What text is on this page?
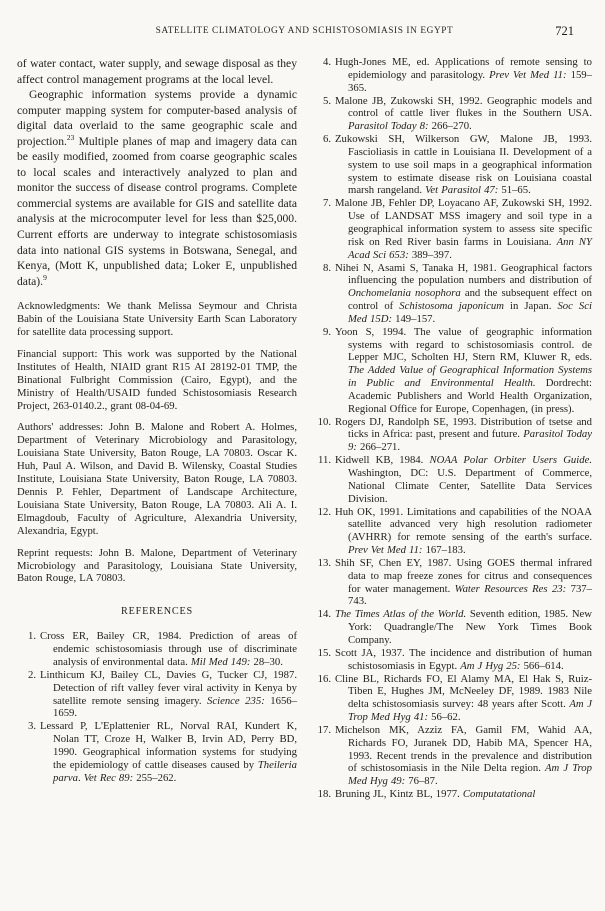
SATELLITE CLIMATOLOGY AND SCHISTOSOMIASIS IN EGYPT	721

of water contact, water supply, and sewage disposal as they affect control management programs at the local level.

Geographic information systems provide a dynamic computer mapping system for computer-based analysis of digital data overlaid to the same geographic scale and projection.$^{23}$ Multiple planes of map and imagery data can be easily modified, zoomed from coarse geographic scales to local scales and interactively analyzed to plan and monitor the success of disease control programs. Complete commercial systems are available for GIS and satellite data analysis at the microcomputer level for less than $25,000. Current efforts are underway to integrate schistosomiasis data into national GIS systems in Botswana, Senegal, and Kenya, (Mott K, unpublished data; Loker E, unpublished data).$^9$

Acknowledgments: We thank Melissa Seymour and Christa Babin of the Louisiana State University Earth Scan Laboratory for satellite data processing support.

Financial support: This work was supported by the National Institutes of Health, NIAID grant R15 AI 28192-01 TMP, the Binational Fulbright Commission (Cairo, Egypt), and the Ministry of Health/USAID funded Schistosomiasis Research Project, 263-0140.2., grant 08-04-69.

Authors' addresses: John B. Malone and Robert A. Holmes, Department of Veterinary Microbiology and Parasitology, Louisiana State University, Baton Rouge, LA 70803. Oscar K. Huh, Paul A. Wilson, and David B. Wilensky, Coastal Studies Institute, Louisiana State University, Baton Rouge, LA 70803. Dennis P. Fehler, Department of Landscape Architecture, Louisiana State University, Baton Rouge, LA 70803. Ali A. I. Elmagdoub, Faculty of Agriculture, Alexandria University, Alexandria, Egypt.

Reprint requests: John B. Malone, Department of Veterinary Microbiology and Parasitology, Louisiana State University, Baton Rouge, LA 70803.

REFERENCES
1. Cross ER, Bailey CR, 1984. Prediction of areas of endemic schistosomiasis through use of discriminate analysis of environmental data. Mil Med 149: 28–30.
2. Linthicum KJ, Bailey CL, Davies G, Tucker CJ, 1987. Detection of rift valley fever viral activity in Kenya by satellite remote sensing imagery. Science 235: 1656–1659.
3. Lessard P, L'Eplattenier RL, Norval RAI, Kundert K, Nolan TT, Croze H, Walker B, Irvin AD, Perry BD, 1990. Geographical information systems for studying the epidemiology of cattle diseases caused by Theileria parva. Vet Rec 89: 255–262.
4. Hugh-Jones ME, ed. Applications of remote sensing to epidemiology and parasitology. Prev Vet Med 11: 159–365.
5. Malone JB, Zukowski SH, 1992. Geographic models and control of cattle liver flukes in the Southern USA. Parasitol Today 8: 266–270.
6. Zukowski SH, Wilkerson GW, Malone JB, 1993. Fascioliasis in cattle in Louisiana II. Development of a system to use soil maps in a geographical information system to estimate disease risk on Louisiana coastal marsh rangeland. Vet Parasitol 47: 51–65.
7. Malone JB, Fehler DP, Loyacano AF, Zukowski SH, 1992. Use of LANDSAT MSS imagery and soil type in a geographical information system to assess site specific risk on Red River basin farms in Louisiana. Ann NY Acad Sci 653: 389–397.
8. Nihei N, Asami S, Tanaka H, 1981. Geographical factors influencing the population numbers and distribution of Onchomelania nosophora and the subsequent effect on control of Schistosoma japonicum in Japan. Soc Sci Med 15D: 149–157.
9. Yoon S, 1994. The value of geographic information systems with regard to schistosomiasis control. de Lepper MJC, Scholten HJ, Stern RM, Kluwer R, eds. The Added Value of Geographical Information Systems in Public and Environmental Health. Dordrecht: Academic Publishers and World Health Organization, Regional Office for Europe, Copenhagen, (in press).
10. Rogers DJ, Randolph SE, 1993. Distribution of tsetse and ticks in Africa: past, present and future. Parasitol Today 9: 266–271.
11. Kidwell KB, 1984. NOAA Polar Orbiter Users Guide. Washington, DC: U.S. Department of Commerce, National Climate Center, Satellite Data Services Division.
12. Huh OK, 1991. Limitations and capabilities of the NOAA satellite advanced very high resolution radiometer (AVHRR) for remote sensing of the earth's surface. Prev Vet Med 11: 167–183.
13. Shih SF, Chen EY, 1987. Using GOES thermal infrared data to map freeze zones for citrus and consequences for water management. Water Resources Res 23: 737–743.
14. The Times Atlas of the World. Seventh edition, 1985. New York: Quadrangle/The New York Times Book Company.
15. Scott JA, 1937. The incidence and distribution of human schistosomiasis in Egypt. Am J Hyg 25: 566–614.
16. Cline BL, Richards FO, El Alamy MA, El Hak S, Ruiz-Tiben E, Hughes JM, McNeeley DF, 1989. 1983 Nile delta schistosomiasis survey: 48 years after Scott. Am J Trop Med Hyg 41: 56–62.
17. Michelson MK, Azziz FA, Gamil FM, Wahid AA, Richards FO, Juranek DD, Habib MA, Spencer HA, 1993. Recent trends in the prevalence and distribution of schistosomiasis in the Nile Delta region. Am J Trop Med Hyg 49: 76–87.
18. Bruning JL, Kintz BL, 1977. Computatational
